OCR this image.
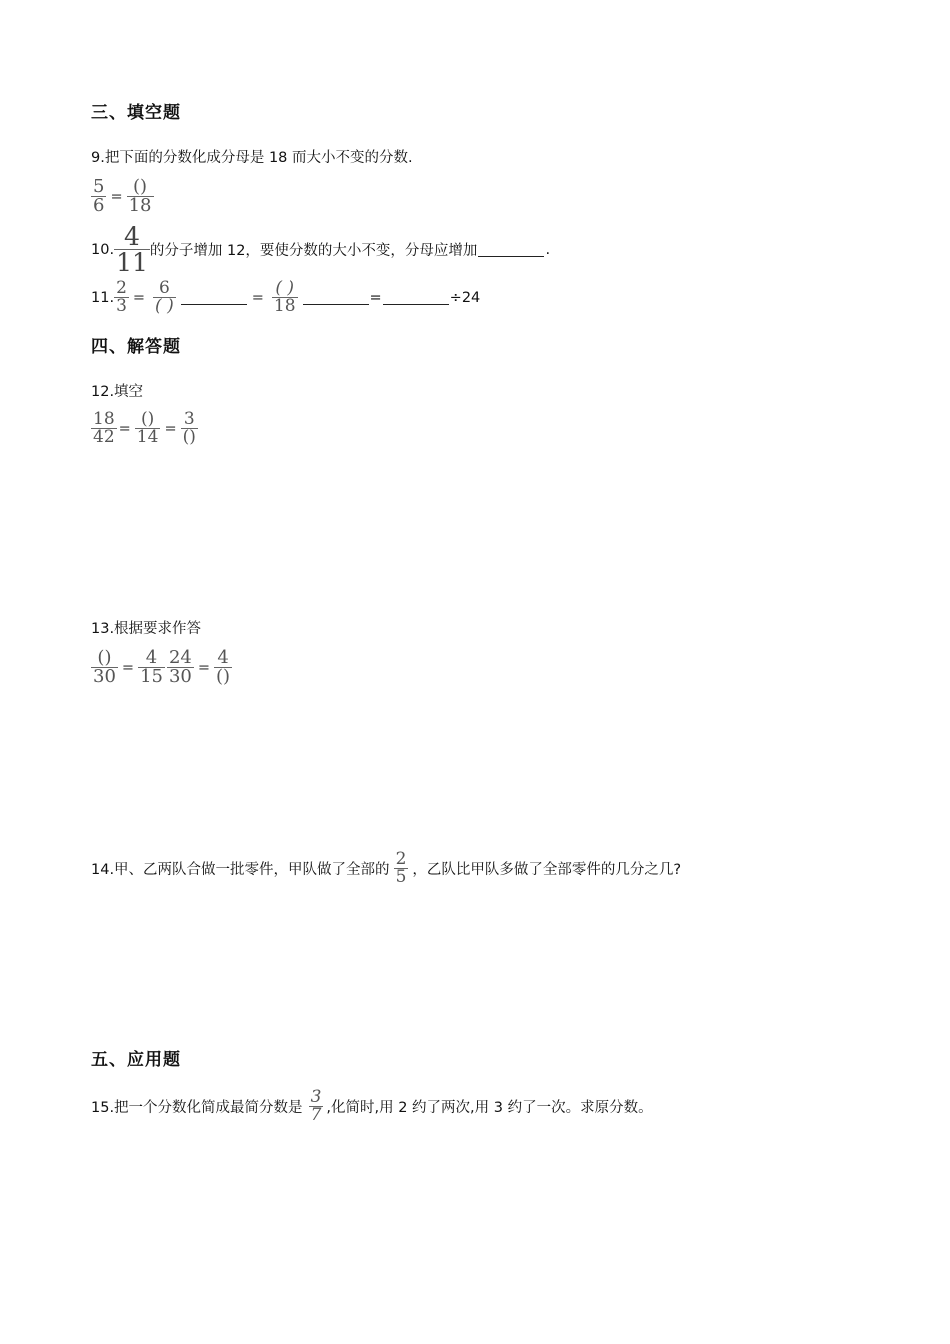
三、填空题
9.把下面的分数化成分母是 18 而大小不变的分数.
$\frac{5}{6} = \frac{()}{18}$
10. $\frac{4}{11}$ 的分子增加 12，要使分数的大小不变，分母应增加	.
11. $\frac{2}{3} = \frac{6}{( )}$	= $\frac{( )}{18}$	=	÷24
四、解答题
12.填空
$\frac{18}{42} = \frac{()}{14} = \frac{3}{()}$
13.根据要求作答
$\frac{()}{30} = \frac{4}{15} \frac{24}{30} = \frac{4}{()}$
14.甲、乙两队合做一批零件，甲队做了全部的 $\frac{2}{5}$ ，乙队比甲队多做了全部零件的几分之几?
五、应用题
15.把一个分数化简成最简分数是 $\frac{3}{7}$ ,化简时,用 2 约了两次,用 3 约了一次。求原分数。
